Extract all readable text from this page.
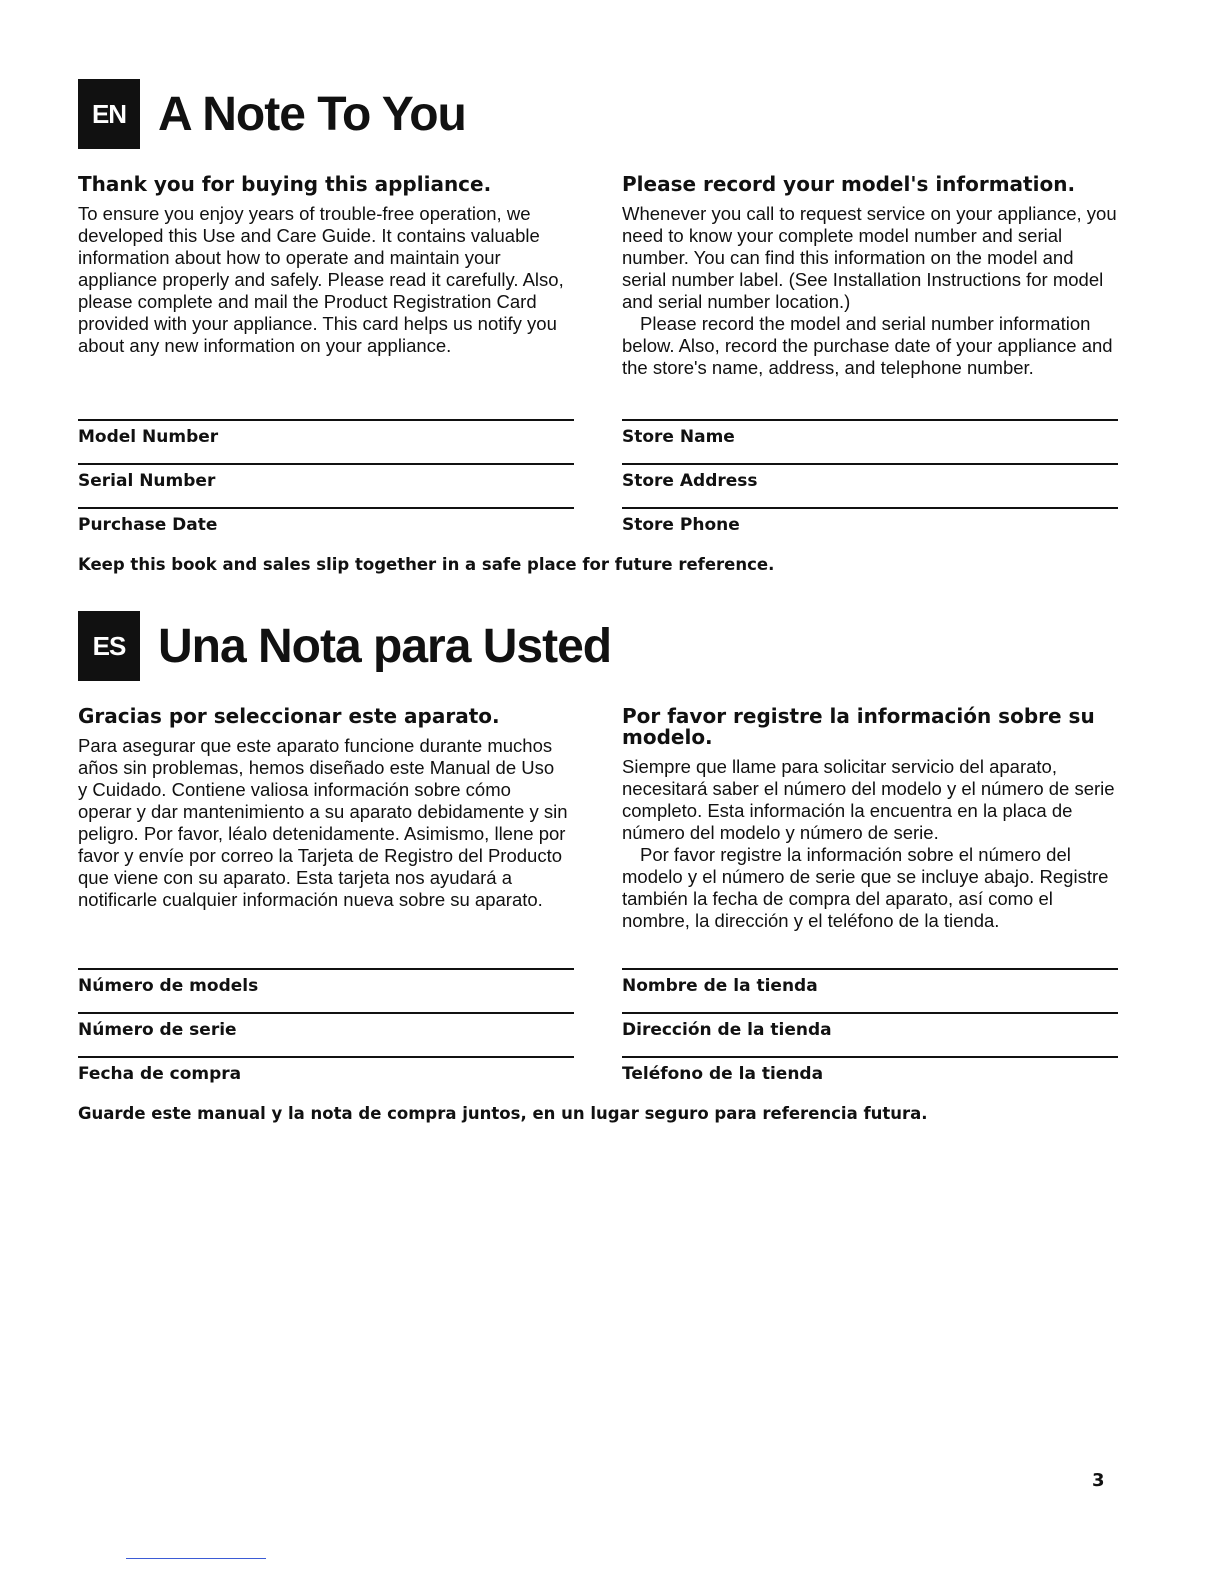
EN A Note To You
Thank you for buying this appliance.

To ensure you enjoy years of trouble-free operation, we developed this Use and Care Guide. It contains valuable information about how to operate and maintain your appliance properly and safely. Please read it carefully. Also, please complete and mail the Product Registration Card provided with your appliance. This card helps us notify you about any new information on your appliance.

Please record your model's information.

Whenever you call to request service on your appliance, you need to know your complete model number and serial number. You can find this information on the model and serial number label. (See Installation Instructions for model and serial number location.)

Please record the model and serial number information below. Also, record the purchase date of your appliance and the store's name, address, and telephone number.

Model Number
Serial Number
Purchase Date
Store Name
Store Address
Store Phone
Keep this book and sales slip together in a safe place for future reference.
ES Una Nota para Usted
Gracias por seleccionar este aparato.

Para asegurar que este aparato funcione durante muchos años sin problemas, hemos diseñado este Manual de Uso y Cuidado. Contiene valiosa información sobre cómo operar y dar mantenimiento a su aparato debidamente y sin peligro. Por favor, léalo detenidamente. Asimismo, llene por favor y envíe por correo la Tarjeta de Registro del Producto que viene con su aparato. Esta tarjeta nos ayudará a notificarle cualquier información nueva sobre su aparato.

Por favor registre la información sobre su modelo.

Siempre que llame para solicitar servicio del aparato, necesitará saber el número del modelo y el número de serie completo. Esta información la encuentra en la placa de número del modelo y número de serie.

Por favor registre la información sobre el número del modelo y el número de serie que se incluye abajo. Registre también la fecha de compra del aparato, así como el nombre, la dirección y el teléfono de la tienda.

Número de models
Número de serie
Fecha de compra
Nombre de la tienda
Dirección de la tienda
Teléfono de la tienda
Guarde este manual y la nota de compra juntos, en un lugar seguro para referencia futura.
3
